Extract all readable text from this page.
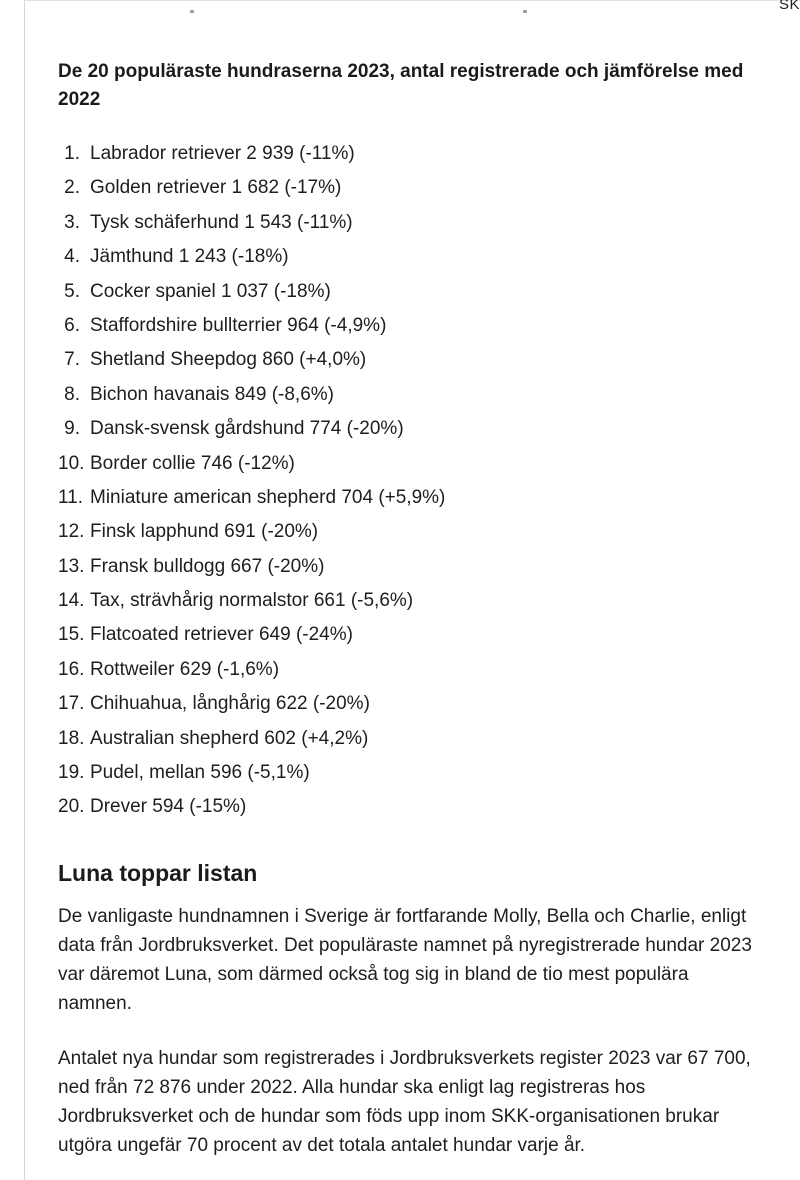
SK
De 20 populäraste hundraserna 2023, antal registrerade och jämförelse med 2022
1. Labrador retriever 2 939 (-11%)
2. Golden retriever 1 682 (-17%)
3. Tysk schäferhund 1 543 (-11%)
4. Jämthund 1 243 (-18%)
5. Cocker spaniel 1 037 (-18%)
6. Staffordshire bullterrier 964 (-4,9%)
7. Shetland Sheepdog 860 (+4,0%)
8. Bichon havanais 849 (-8,6%)
9. Dansk-svensk gårdshund 774 (-20%)
10. Border collie 746 (-12%)
11. Miniature american shepherd 704 (+5,9%)
12. Finsk lapphund 691 (-20%)
13. Fransk bulldogg 667 (-20%)
14. Tax, strävhårig normalstor 661 (-5,6%)
15. Flatcoated retriever 649 (-24%)
16. Rottweiler 629 (-1,6%)
17. Chihuahua, långhårig 622 (-20%)
18. Australian shepherd 602 (+4,2%)
19. Pudel, mellan 596 (-5,1%)
20. Drever 594 (-15%)
Luna toppar listan

De vanligaste hundnamnen i Sverige är fortfarande Molly, Bella och Charlie, enligt data från Jordbruksverket. Det populäraste namnet på nyregistrerade hundar 2023 var däremot Luna, som därmed också tog sig in bland de tio mest populära namnen.

Antalet nya hundar som registrerades i Jordbruksverkets register 2023 var 67 700, ned från 72 876 under 2022. Alla hundar ska enligt lag registreras hos Jordbruksverket och de hundar som föds upp inom SKK-organisationen brukar utgöra ungefär 70 procent av det totala antalet hundar varje år.
